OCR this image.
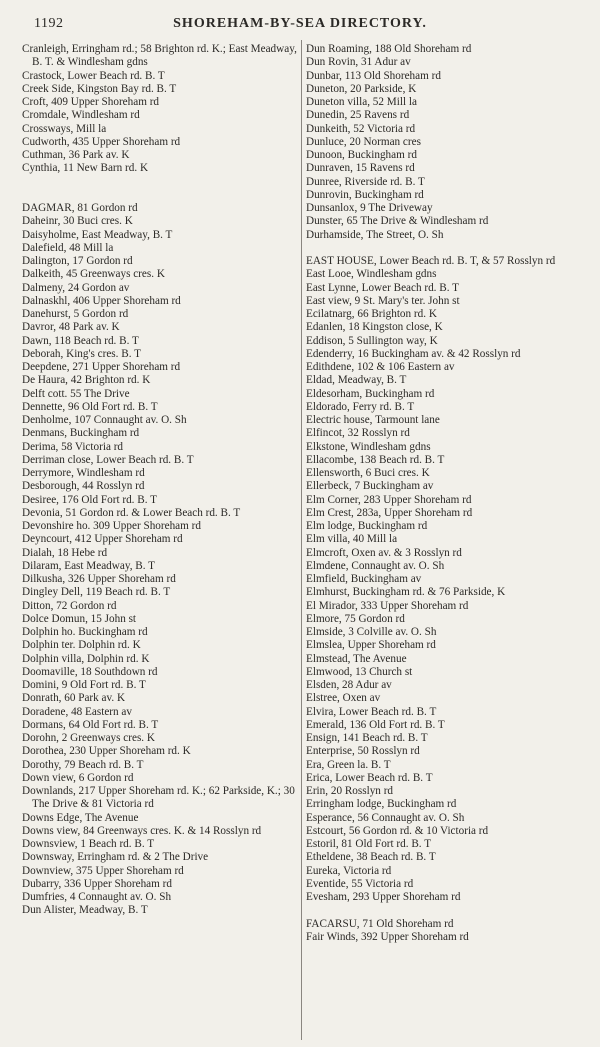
1192	SHOREHAM-BY-SEA DIRECTORY.
Cranleigh, Erringham rd.; 58 Brighton rd. K.; East Meadway, B. T. & Windlesham gdns
Crastock, Lower Beach rd. B. T
Creek Side, Kingston Bay rd. B. T
Croft, 409 Upper Shoreham rd
Cromdale, Windlesham rd
Crossways, Mill la
Cudworth, 435 Upper Shoreham rd
Cuthman, 36 Park av. K
Cynthia, 11 New Barn rd. K
DAGMAR, 81 Gordon rd
Daheinr, 30 Buci cres. K
Daisyholme, East Meadway, B. T
Dalefield, 48 Mill la
Dalington, 17 Gordon rd
Dalkeith, 45 Greenways cres. K
Dalmeny, 24 Gordon av
Dalnaskhl, 406 Upper Shoreham rd
Danehurst, 5 Gordon rd
Davror, 48 Park av. K
Dawn, 118 Beach rd. B. T
Deborah, King's cres. B. T
Deepdene, 271 Upper Shoreham rd
De Haura, 42 Brighton rd. K
Delft cott. 55 The Drive
Dennette, 96 Old Fort rd. B. T
Denholme, 107 Connaught av. O. Sh
Denmans, Buckingham rd
Derima, 58 Victoria rd
Derriman close, Lower Beach rd. B. T
Derrymore, Windlesham rd
Desborough, 44 Rosslyn rd
Desiree, 176 Old Fort rd. B. T
Devonia, 51 Gordon rd. & Lower Beach rd. B. T
Devonshire ho. 309 Upper Shoreham rd
Deyncourt, 412 Upper Shoreham rd
Dialah, 18 Hebe rd
Dilaram, East Meadway, B. T
Dilkusha, 326 Upper Shoreham rd
Dingley Dell, 119 Beach rd. B. T
Ditton, 72 Gordon rd
Dolce Domun, 15 John st
Dolphin ho. Buckingham rd
Dolphin ter. Dolphin rd. K
Dolphin villa, Dolphin rd. K
Doomaville, 18 Southdown rd
Domini, 9 Old Fort rd. B. T
Donrath, 60 Park av. K
Doradene, 48 Eastern av
Dormans, 64 Old Fort rd. B. T
Dorohn, 2 Greenways cres. K
Dorothea, 230 Upper Shoreham rd. K
Dorothy, 79 Beach rd. B. T
Down view, 6 Gordon rd
Downlands, 217 Upper Shoreham rd. K.; 62 Parkside, K.; 30 The Drive & 81 Victoria rd
Downs Edge, The Avenue
Downs view, 84 Greenways cres. K. & 14 Rosslyn rd
Downsview, 1 Beach rd. B. T
Downsway, Erringham rd. & 2 The Drive
Downview, 375 Upper Shoreham rd
Dubarry, 336 Upper Shoreham rd
Dumfries, 4 Connaught av. O. Sh
Dun Alister, Meadway, B. T
Dun Roaming, 188 Old Shoreham rd
Dun Rovin, 31 Adur av
Dunbar, 113 Old Shoreham rd
Duneton, 20 Parkside, K
Duneton villa, 52 Mill la
Dunedin, 25 Ravens rd
Dunkeith, 52 Victoria rd
Dunluce, 20 Norman cres
Dunoon, Buckingham rd
Dunraven, 15 Ravens rd
Dunree, Riverside rd. B. T
Dunrovin, Buckingham rd
Dunsanlox, 9 The Driveway
Dunster, 65 The Drive & Windlesham rd
Durhamside, The Street, O. Sh
EAST HOUSE, Lower Beach rd. B. T, & 57 Rosslyn rd
East Looe, Windlesham gdns
East Lynne, Lower Beach rd. B. T
East view, 9 St. Mary's ter. John st
Ecilatnarg, 66 Brighton rd. K
Edanlen, 18 Kingston close, K
Eddison, 5 Sullington way, K
Edenderry, 16 Buckingham av. & 42 Rosslyn rd
Edithdene, 102 & 106 Eastern av
Eldad, Meadway, B. T
Eldesorham, Buckingham rd
Eldorado, Ferry rd. B. T
Electric house, Tarmount lane
Elfincot, 32 Rosslyn rd
Elkstone, Windlesham gdns
Ellacombe, 138 Beach rd. B. T
Ellensworth, 6 Buci cres. K
Ellerbeck, 7 Buckingham av
Elm Corner, 283 Upper Shoreham rd
Elm Crest, 283a, Upper Shoreham rd
Elm lodge, Buckingham rd
Elm villa, 40 Mill la
Elmcroft, Oxen av. & 3 Rosslyn rd
Elmdene, Connaught av. O. Sh
Elmfield, Buckingham av
Elmhurst, Buckingham rd. & 76 Parkside, K
El Mirador, 333 Upper Shoreham rd
Elmore, 75 Gordon rd
Elmside, 3 Colville av. O. Sh
Elmslea, Upper Shoreham rd
Elmstead, The Avenue
Elmwood, 13 Church st
Elsden, 28 Adur av
Elstree, Oxen av
Elvira, Lower Beach rd. B. T
Emerald, 136 Old Fort rd. B. T
Ensign, 141 Beach rd. B. T
Enterprise, 50 Rosslyn rd
Era, Green la. B. T
Erica, Lower Beach rd. B. T
Erin, 20 Rosslyn rd
Erringham lodge, Buckingham rd
Esperance, 56 Connaught av. O. Sh
Estcourt, 56 Gordon rd. & 10 Victoria rd
Estoril, 81 Old Fort rd. B. T
Etheldene, 38 Beach rd. B. T
Eureka, Victoria rd
Eventide, 55 Victoria rd
Evesham, 293 Upper Shoreham rd
FACARSU, 71 Old Shoreham rd
Fair Winds, 392 Upper Shoreham rd
